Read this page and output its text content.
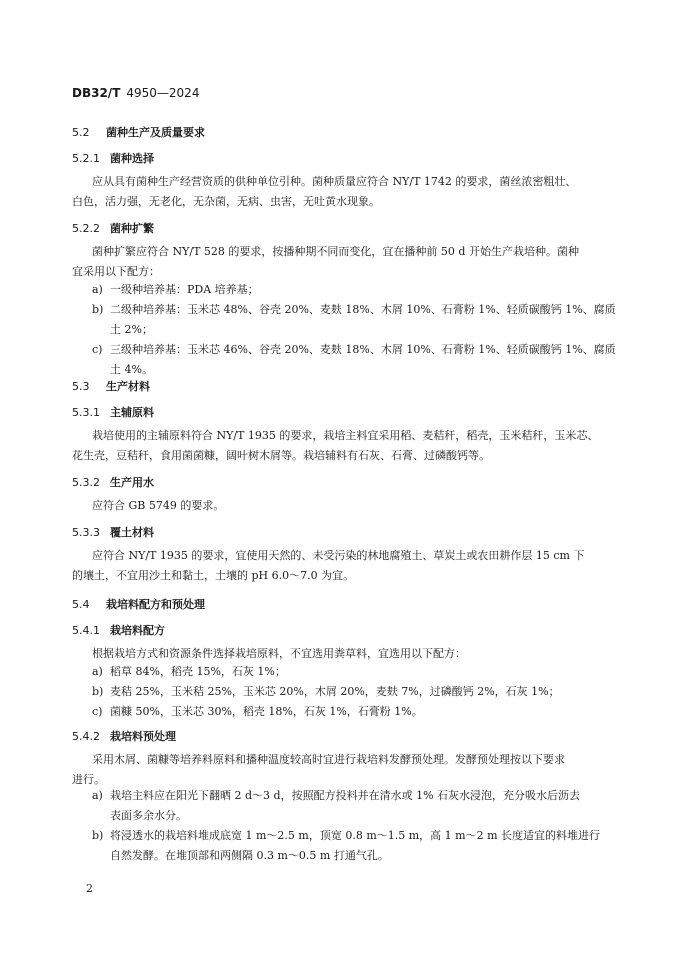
DB32/T 4950—2024
5.2 菌种生产及质量要求
5.2.1 菌种选择
应从具有菌种生产经营资质的供种单位引种。菌种质量应符合 NY/T 1742 的要求，菌丝浓密粗壮、
白色，活力强，无老化，无杂菌，无病、虫害，无吐黄水现象。
5.2.2 菌种扩繁
菌种扩繁应符合 NY/T 528 的要求，按播种期不同而变化，宜在播种前 50 d 开始生产栽培种。菌种
宜采用以下配方：
a) 一级种培养基：PDA 培养基；
b) 二级种培养基：玉米芯 48%、谷壳 20%、麦麸 18%、木屑 10%、石膏粉 1%、轻质碳酸钙 1%、腐质
土 2%；
c) 三级种培养基：玉米芯 46%、谷壳 20%、麦麸 18%、木屑 10%、石膏粉 1%、轻质碳酸钙 1%、腐质
土 4%。
5.3 生产材料
5.3.1 主辅原料
栽培使用的主辅原料符合 NY/T 1935 的要求，栽培主料宜采用稻、麦秸秆，稻壳，玉米秸秆，玉米芯、
花生壳，豆秸秆，食用菌菌糠，阔叶树木屑等。栽培辅料有石灰、石膏、过磷酸钙等。
5.3.2 生产用水
应符合 GB 5749 的要求。
5.3.3 覆土材料
应符合 NY/T 1935 的要求，宜使用天然的、未受污染的林地腐殖土、草炭土或农田耕作层 15 cm 下
的壤土，不宜用沙土和黏土，土壤的 pH 6.0～7.0 为宜。
5.4 栽培料配方和预处理
5.4.1 栽培料配方
根据栽培方式和资源条件选择栽培原料，不宜选用粪草料，宜选用以下配方：
a) 稻草 84%，稻壳 15%，石灰 1%；
b) 麦秸 25%，玉米秸 25%，玉米芯 20%，木屑 20%，麦麸 7%，过磷酸钙 2%，石灰 1%；
c) 菌糠 50%，玉米芯 30%，稻壳 18%，石灰 1%，石膏粉 1%。
5.4.2 栽培料预处理
采用木屑、菌糠等培养料原料和播种温度较高时宜进行栽培料发酵预处理。发酵预处理按以下要求
进行。
a) 栽培主料应在阳光下翻晒 2 d～3 d，按照配方投料并在清水或 1% 石灰水浸泡，充分吸水后沥去
表面多余水分。
b) 将浸透水的栽培料堆成底宽 1 m～2.5 m，顶宽 0.8 m～1.5 m，高 1 m～2 m 长度适宜的料堆进行
自然发酵。在堆顶部和两侧隔 0.3 m～0.5 m 打通气孔。
2
